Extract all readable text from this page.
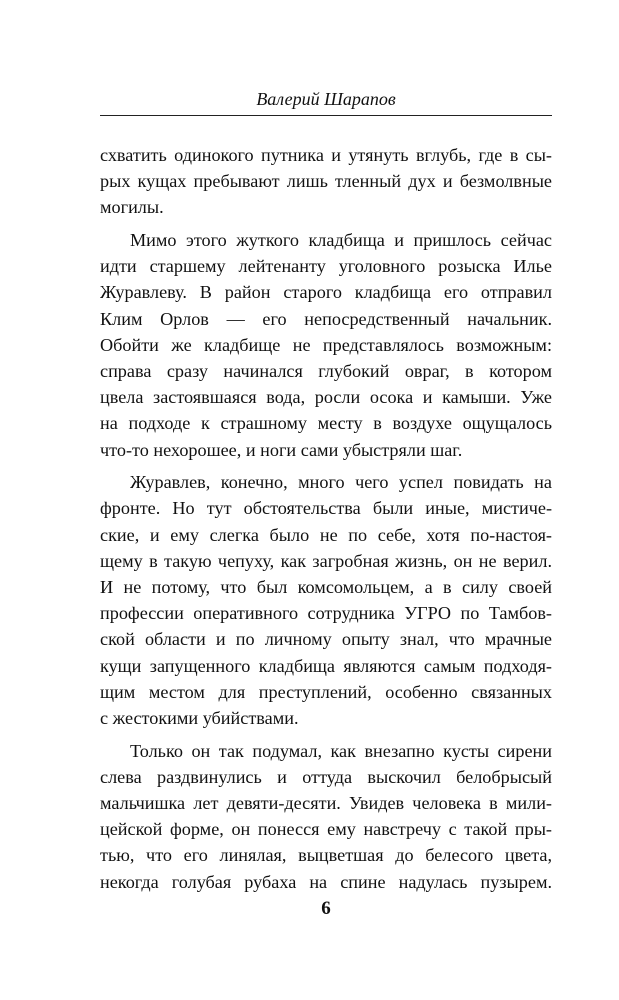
Валерий Шарапов
схватить одинокого путника и утянуть вглубь, где в сы-
рых кущах пребывают лишь тленный дух и безмолвные
могилы.
Мимо этого жуткого кладбища и пришлось сейчас
идти старшему лейтенанту уголовного розыска Илье
Журавлеву. В район старого кладбища его отправил
Клим Орлов — его непосредственный начальник.
Обойти же кладбище не представлялось возможным:
справа сразу начинался глубокий овраг, в котором
цвела застоявшаяся вода, росли осока и камыши. Уже
на подходе к страшному месту в воздухе ощущалось
что-то нехорошее, и ноги сами убыстряли шаг.
Журавлев, конечно, много чего успел повидать на
фронте. Но тут обстоятельства были иные, мистиче-
ские, и ему слегка было не по себе, хотя по-настоя-
щему в такую чепуху, как загробная жизнь, он не верил.
И не потому, что был комсомольцем, а в силу своей
профессии оперативного сотрудника УГРО по Тамбов-
ской области и по личному опыту знал, что мрачные
кущи запущенного кладбища являются самым подходя-
щим местом для преступлений, особенно связанных
с жестокими убийствами.
Только он так подумал, как внезапно кусты сирени
слева раздвинулись и оттуда выскочил белобрысый
мальчишка лет девяти-десяти. Увидев человека в мили-
цейской форме, он понесся ему навстречу с такой пры-
тью, что его линялая, выцветшая до белесого цвета,
некогда голубая рубаха на спине надулась пузырем.
6
